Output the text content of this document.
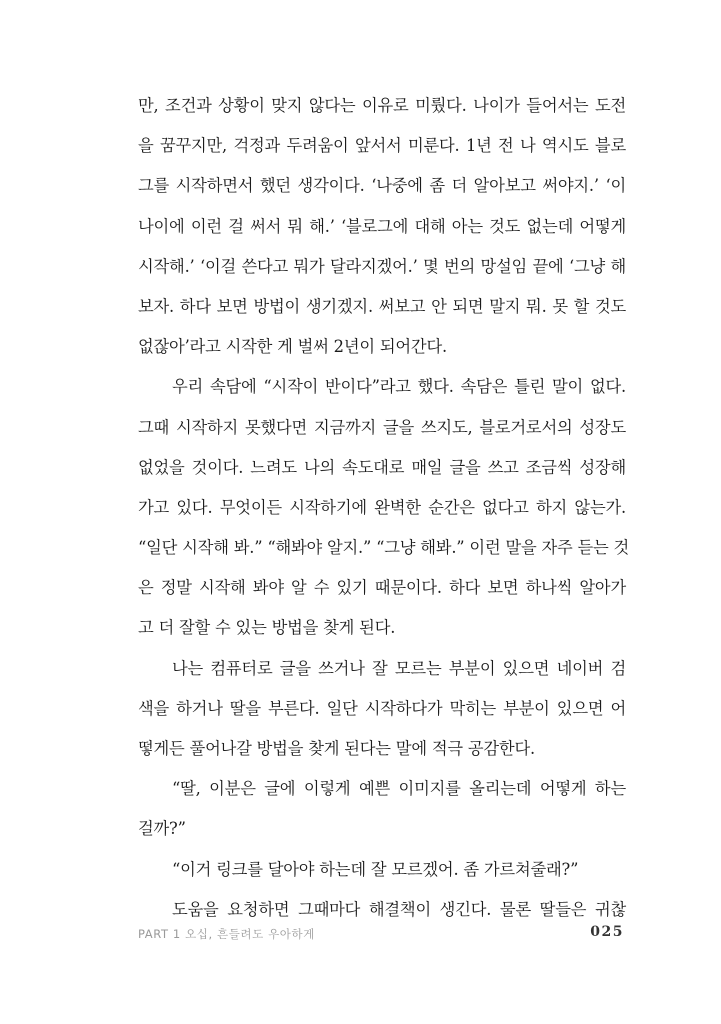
만, 조건과 상황이 맞지 않다는 이유로 미뤘다. 나이가 들어서는 도전
을 꿈꾸지만, 걱정과 두려움이 앞서서 미룬다. 1년 전 나 역시도 블로
그를 시작하면서 했던 생각이다. ‘나중에 좀 더 알아보고 써야지.’ ‘이
나이에 이런 걸 써서 뭐 해.’ ‘블로그에 대해 아는 것도 없는데 어떻게
시작해.’ ‘이걸 쓴다고 뭐가 달라지겠어.’ 몇 번의 망설임 끝에 ‘그냥 해
보자. 하다 보면 방법이 생기겠지. 써보고 안 되면 말지 뭐. 못 할 것도
없잖아’라고 시작한 게 벌써 2년이 되어간다.
우리 속담에 “시작이 반이다”라고 했다. 속담은 틀린 말이 없다.
그때 시작하지 못했다면 지금까지 글을 쓰지도, 블로거로서의 성장도
없었을 것이다. 느려도 나의 속도대로 매일 글을 쓰고 조금씩 성장해
가고 있다. 무엇이든 시작하기에 완벽한 순간은 없다고 하지 않는가.
“일단 시작해 봐.” “해봐야 알지.” “그냥 해봐.” 이런 말을 자주 듣는 것
은 정말 시작해 봐야 알 수 있기 때문이다. 하다 보면 하나씩 알아가
고 더 잘할 수 있는 방법을 찾게 된다.
나는 컴퓨터로 글을 쓰거나 잘 모르는 부분이 있으면 네이버 검
색을 하거나 딸을 부른다. 일단 시작하다가 막히는 부분이 있으면 어
떻게든 풀어나갈 방법을 찾게 된다는 말에 적극 공감한다.
“딸, 이분은 글에 이렇게 예쁜 이미지를 올리는데 어떻게 하는
걸까?”
“이거 링크를 달아야 하는데 잘 모르겠어. 좀 가르쳐줄래?”
도움을 요청하면 그때마다 해결책이 생긴다. 물론 딸들은 귀찮
PART 1 오십, 흔들려도 우아하게	025
